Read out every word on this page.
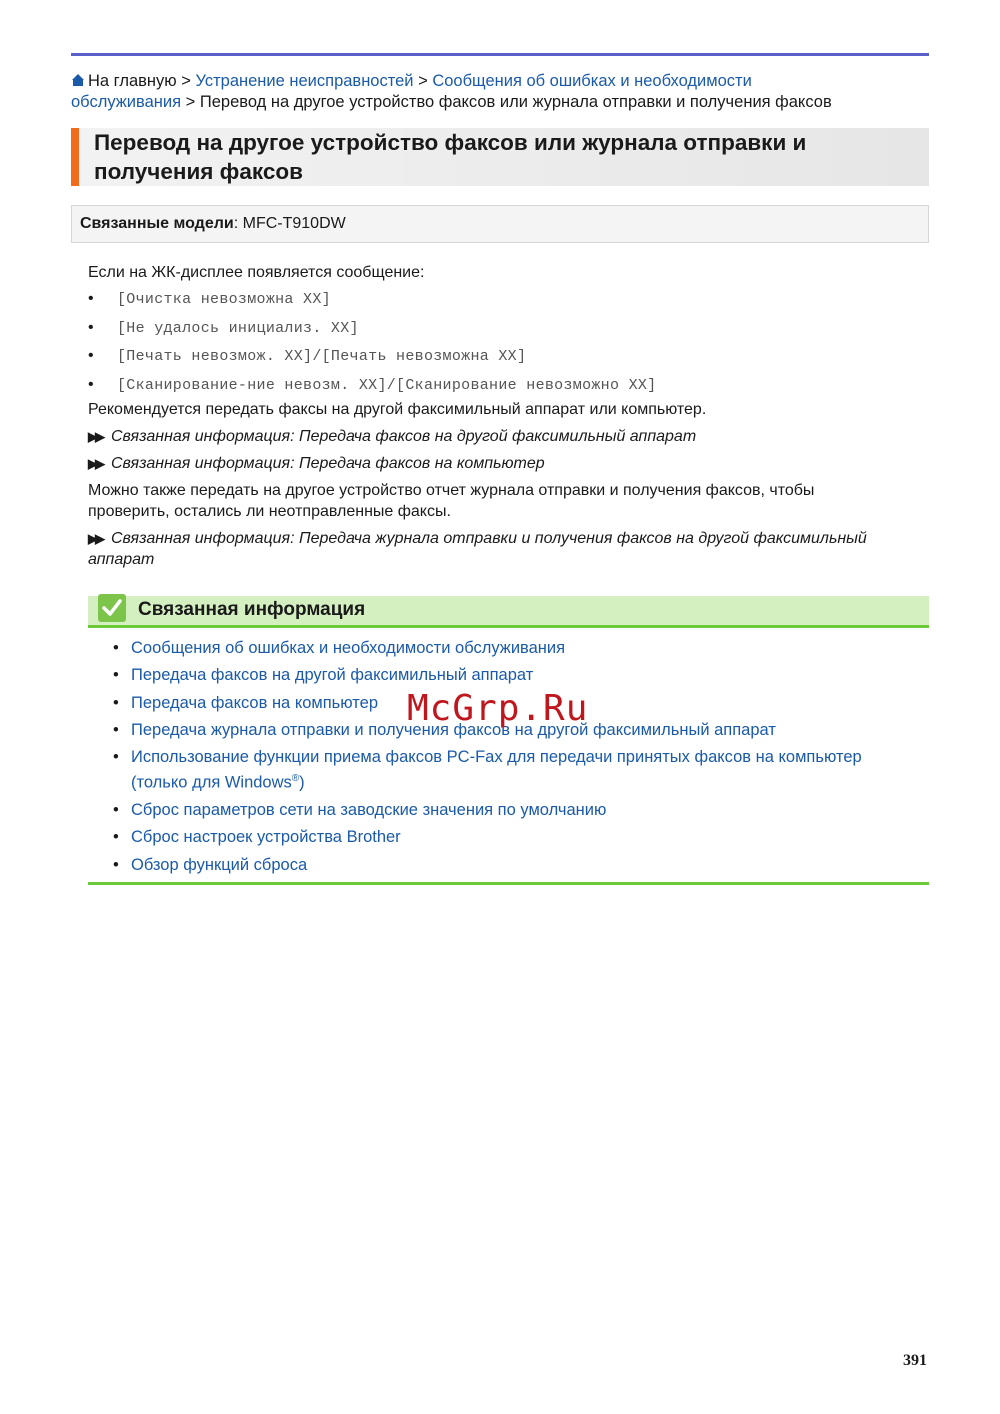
На главную > Устранение неисправностей > Сообщения об ошибках и необходимости
обслуживания > Перевод на другое устройство факсов или журнала отправки и получения факсов
Перевод на другое устройство факсов или журнала отправки и
получения факсов
Связанные модели: MFC-T910DW
Если на ЖК-дисплее появляется сообщение:
• [Очистка невозможна XX]
• [Не удалось инициализ. XX]
• [Печать невозмож. XX]/[Печать невозможна XX]
• [Сканирование-ние невозм. XX]/[Сканирование невозможно XX]
Рекомендуется передать факсы на другой факсимильный аппарат или компьютер.
▶▶ Связанная информация: Передача факсов на другой факсимильный аппарат
▶▶ Связанная информация: Передача факсов на компьютер
Можно также передать на другое устройство отчет журнала отправки и получения факсов, чтобы
проверить, остались ли неотправленные факсы.
▶▶ Связанная информация: Передача журнала отправки и получения факсов на другой факсимильный
аппарат
Связанная информация
• Сообщения об ошибках и необходимости обслуживания
• Передача факсов на другой факсимильный аппарат
• Передача факсов на компьютер
• Передача журнала отправки и получения факсов на другой факсимильный аппарат
• Использование функции приема факсов PC-Fax для передачи принятых факсов на компьютер
(только для Windows®)
• Сброс параметров сети на заводские значения по умолчанию
• Сброс настроек устройства Brother
• Обзор функций сброса
McGrp.Ru
391
